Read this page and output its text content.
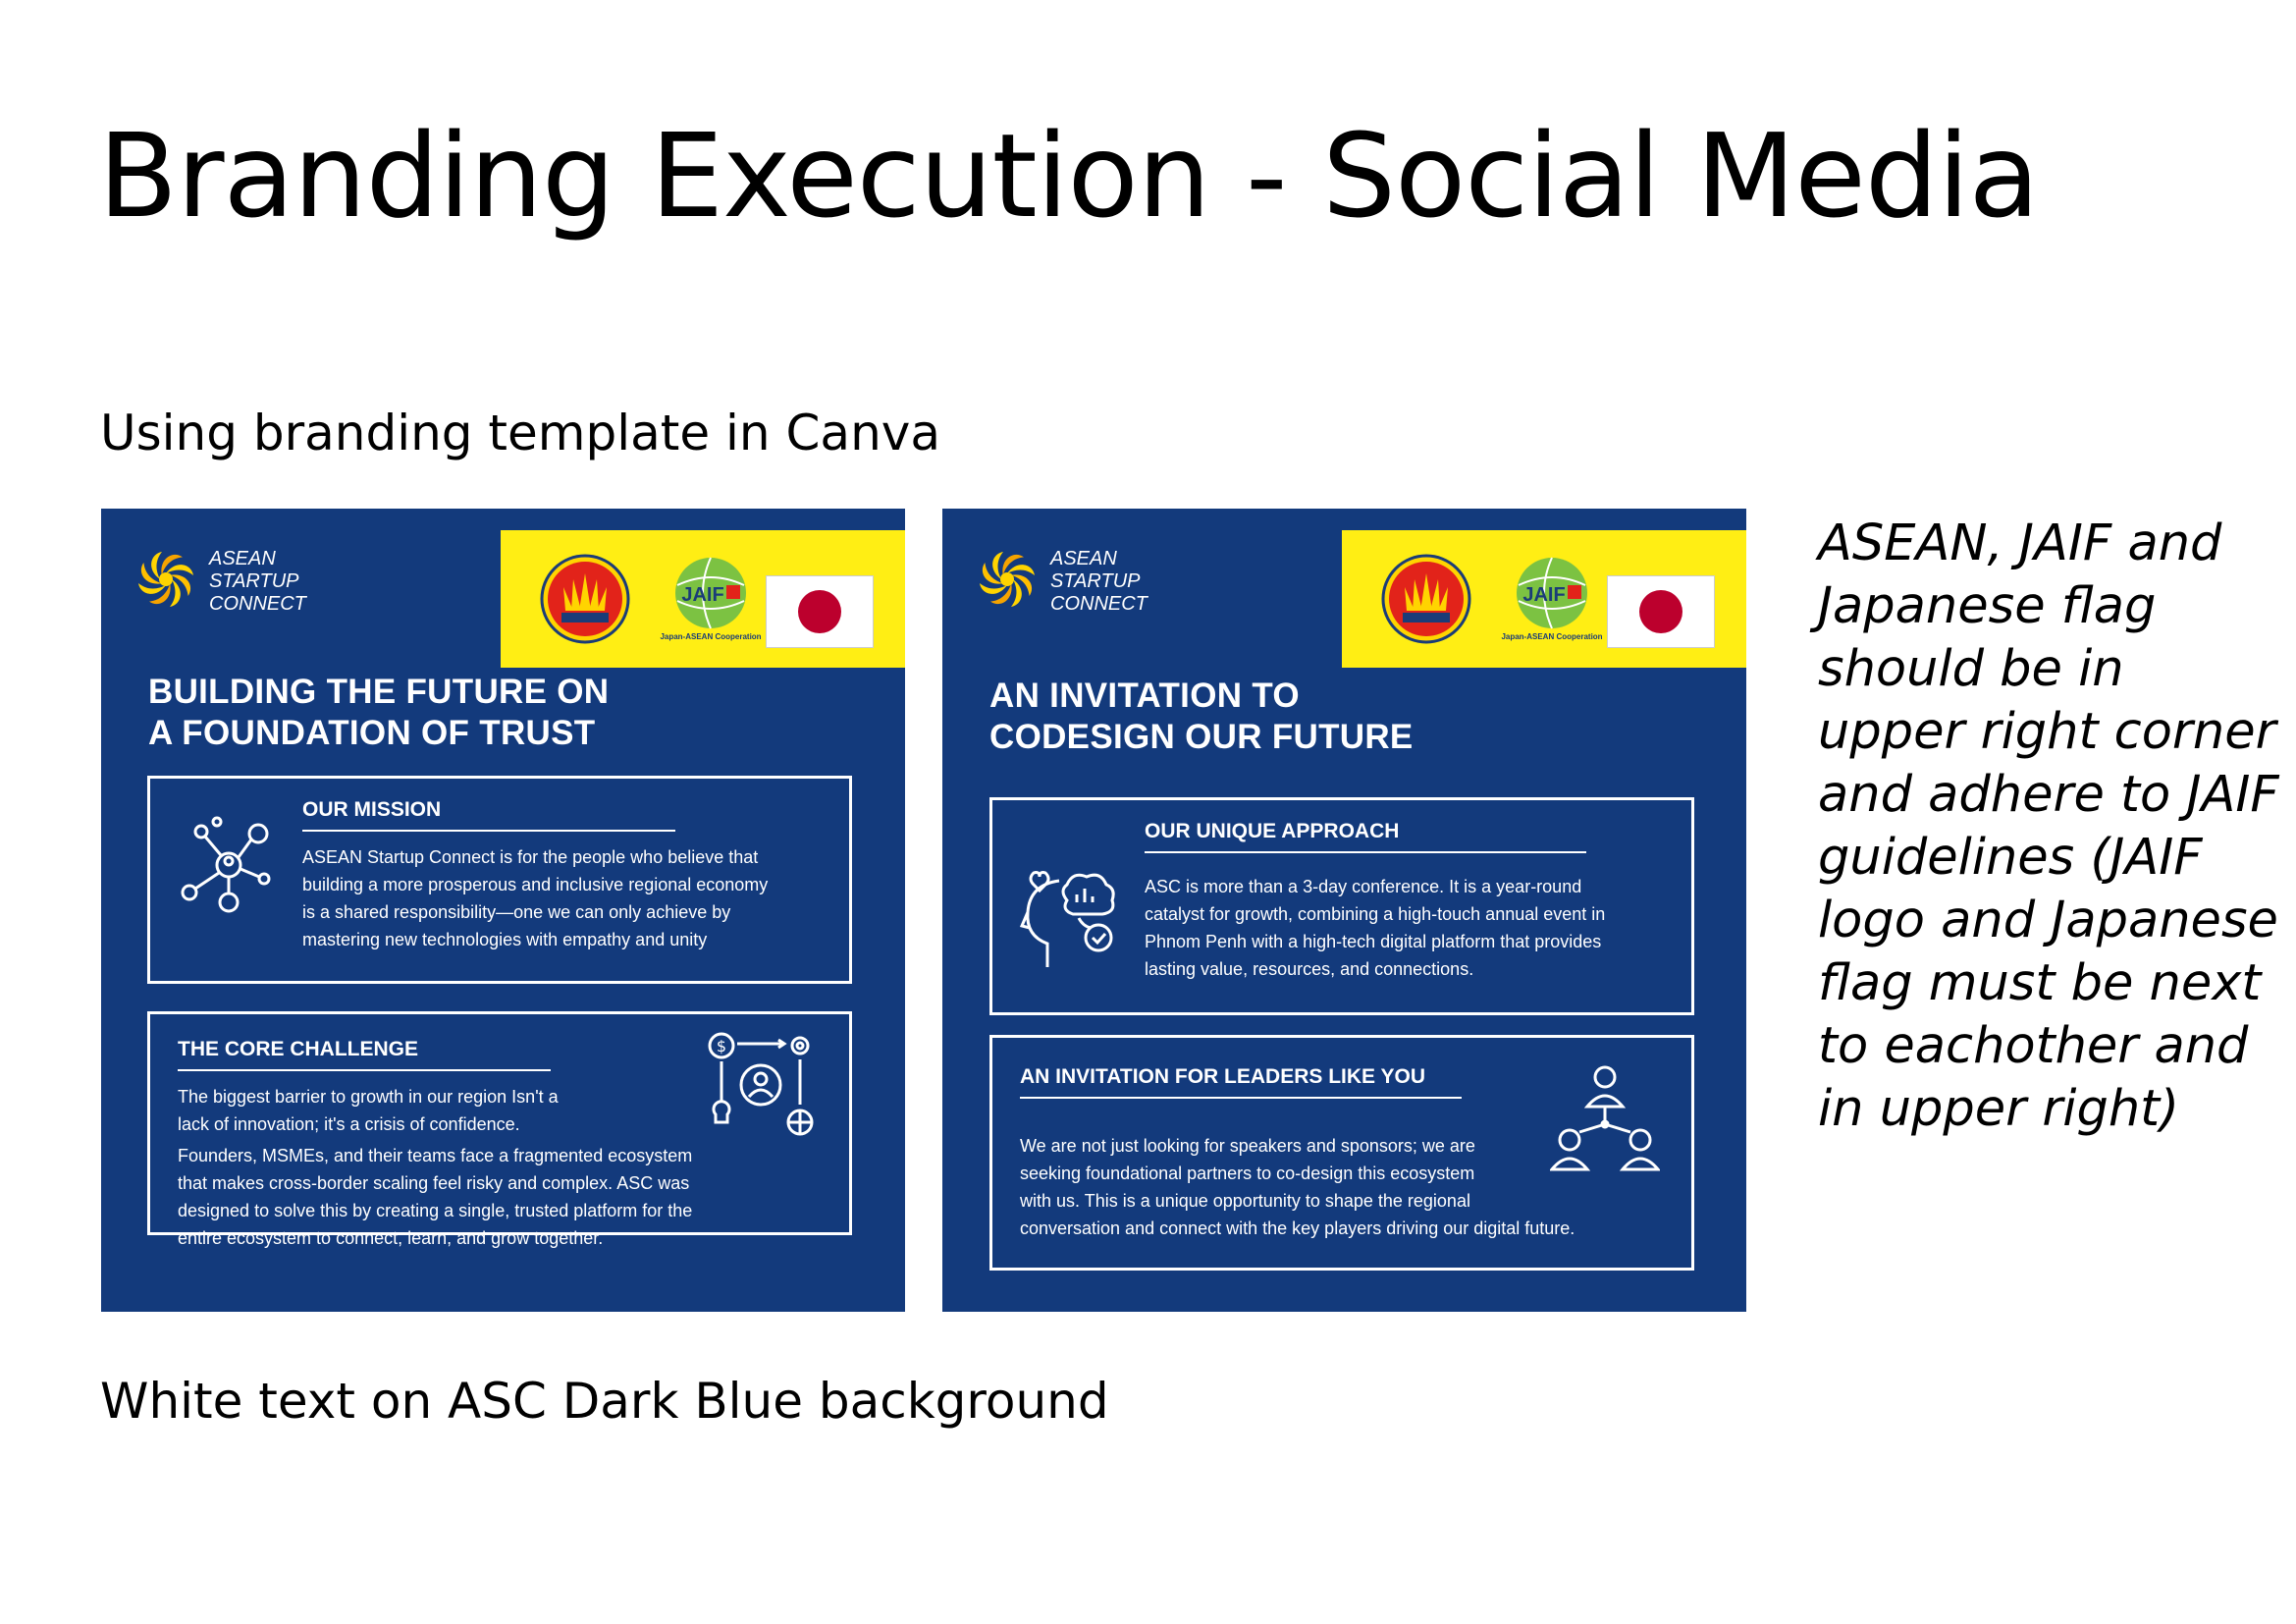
Branding Execution - Social Media
Using branding template in Canva
ASEAN
STARTUP
CONNECT	JAIF
Japan-ASEAN Cooperation
BUILDING THE FUTURE ON
A FOUNDATION OF TRUST
OUR MISSION
ASEAN Startup Connect is for the people who believe that
building a more prosperous and inclusive regional economy
is a shared responsibility—one we can only achieve by
mastering new technologies with empathy and unity
THE CORE CHALLENGE	$
The biggest barrier to growth in our region Isn't a
lack of innovation; it's a crisis of confidence.
Founders, MSMEs, and their teams face a fragmented ecosystem
that makes cross-border scaling feel risky and complex. ASC was
designed to solve this by creating a single, trusted platform for the
entire ecosystem to connect, learn, and grow together.
ASEAN
STARTUP
CONNECT	JAIF
Japan-ASEAN Cooperation
AN INVITATION TO
CODESIGN OUR FUTURE
OUR UNIQUE APPROACH
ASC is more than a 3-day conference. It is a year-round
catalyst for growth, combining a high-touch annual event in
Phnom Penh with a high-tech digital platform that provides
lasting value, resources, and connections.
AN INVITATION FOR LEADERS LIKE YOU
We are not just looking for speakers and sponsors; we are
seeking foundational partners to co-design this ecosystem
with us. This is a unique opportunity to shape the regional
conversation and connect with the key players driving our digital future.
ASEAN, JAIF and Japanese flag should be in upper right corner and adhere to JAIF guidelines (JAIF logo and Japanese flag must be next to eachother and in upper right)
White text on ASC Dark Blue background
